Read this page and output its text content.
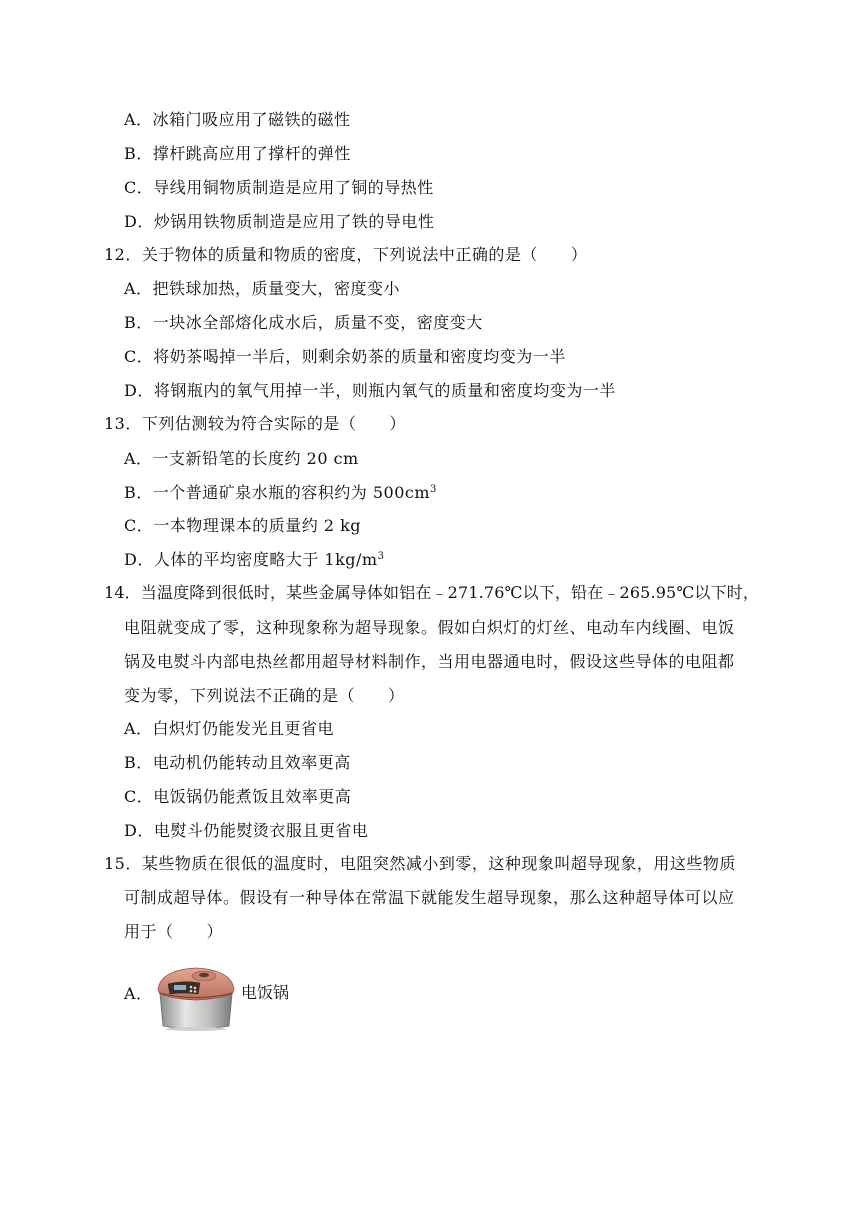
A．冰箱门吸应用了磁铁的磁性
B．撑杆跳高应用了撑杆的弹性
C．导线用铜物质制造是应用了铜的导热性
D．炒锅用铁物质制造是应用了铁的导电性
12．关于物体的质量和物质的密度，下列说法中正确的是（　　）
A．把铁球加热，质量变大，密度变小
B．一块冰全部熔化成水后，质量不变，密度变大
C．将奶茶喝掉一半后，则剩余奶茶的质量和密度均变为一半
D．将钢瓶内的氧气用掉一半，则瓶内氧气的质量和密度均变为一半
13．下列估测较为符合实际的是（　　）
A．一支新铅笔的长度约 20 cm
B．一个普通矿泉水瓶的容积约为 $500cm^3$
C．一本物理课本的质量约 2 kg
D．人体的平均密度略大于 $1kg/m^3$
14．当温度降到很低时，某些金属导体如铝在﹣271.76℃以下，铅在﹣265.95℃以下时，
电阻就变成了零，这种现象称为超导现象。假如白炽灯的灯丝、电动车内线圈、电饭
锅及电熨斗内部电热丝都用超导材料制作，当用电器通电时，假设这些导体的电阻都
变为零，下列说法不正确的是（　　）
A．白炽灯仍能发光且更省电
B．电动机仍能转动且效率更高
C．电饭锅仍能煮饭且效率更高
D．电熨斗仍能熨烫衣服且更省电
15．某些物质在很低的温度时，电阻突然减小到零，这种现象叫超导现象，用这些物质
可制成超导体。假设有一种导体在常温下就能发生超导现象，那么这种超导体可以应
用于（　　）
A．	电饭锅
